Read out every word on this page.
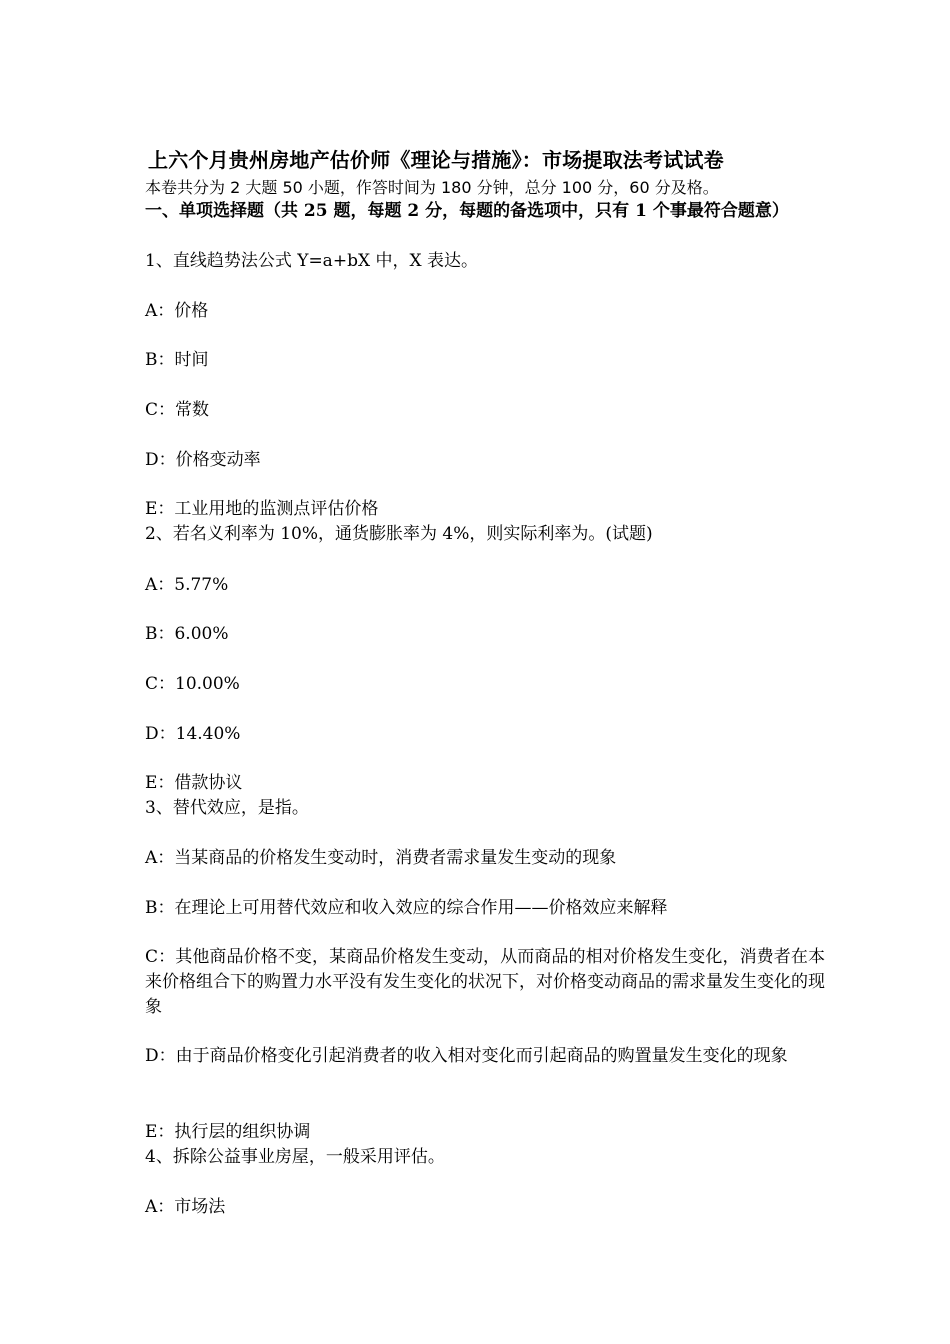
上六个月贵州房地产估价师《理论与措施》：市场提取法考试试卷
本卷共分为 2 大题 50 小题，作答时间为 180 分钟，总分 100 分，60 分及格。
一、单项选择题（共 25 题，每题 2 分，每题的备选项中，只有 1 个事最符合题意）
1、直线趋势法公式 Y=a+bX 中，X 表达。
A：价格
B：时间
C：常数
D：价格变动率
E：工业用地的监测点评估价格
2、若名义利率为 10%，通货膨胀率为 4%，则实际利率为。(试题)
A：5.77%
B：6.00%
C：10.00%
D：14.40%
E：借款协议
3、替代效应，是指。
A：当某商品的价格发生变动时，消费者需求量发生变动的现象
B：在理论上可用替代效应和收入效应的综合作用——价格效应来解释
C：其他商品价格不变，某商品价格发生变动，从而商品的相对价格发生变化，消费者在本来价格组合下的购置力水平没有发生变化的状况下，对价格变动商品的需求量发生变化的现象
D：由于商品价格变化引起消费者的收入相对变化而引起商品的购置量发生变化的现象
E：执行层的组织协调
4、拆除公益事业房屋，一般采用评估。
A：市场法
